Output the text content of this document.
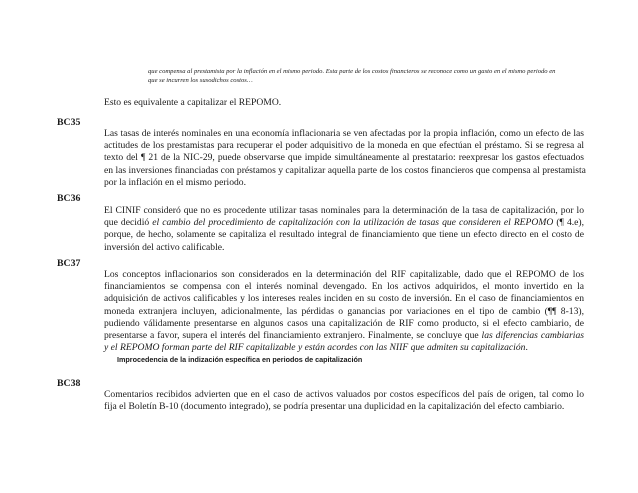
que compensa al prestamista por la inflación en el mismo periodo. Esta parte de los costos financieros se reconoce como un gasto en el mismo periodo en
que se incurren los susodichos costos…
Esto es equivalente a capitalizar el REPOMO.
BC35
Las tasas de interés nominales en una economía inflacionaria se ven afectadas por la propia inflación, como un efecto de las
actitudes de los prestamistas para recuperar el poder adquisitivo de la moneda en que efectúan el préstamo. Si se regresa al
texto del ¶ 21 de la NIC-29, puede observarse que impide simultáneamente al prestatario: reexpresar los gastos efectuados
en las inversiones financiadas con préstamos y capitalizar aquella parte de los costos financieros que compensa al prestamista
por la inflación en el mismo periodo.
BC36
El CINIF consideró que no es procedente utilizar tasas nominales para la determinación de la tasa de capitalización, por lo
que decidió el cambio del procedimiento de capitalización con la utilización de tasas que consideren el REPOMO (¶ 4.e),
porque, de hecho, solamente se capitaliza el resultado integral de financiamiento que tiene un efecto directo en el costo de
inversión del activo calificable.
BC37
Los conceptos inflacionarios son considerados en la determinación del RIF capitalizable, dado que el REPOMO de los
financiamientos se compensa con el interés nominal devengado. En los activos adquiridos, el monto invertido en la
adquisición de activos calificables y los intereses reales inciden en su costo de inversión. En el caso de financiamientos en
moneda extranjera incluyen, adicionalmente, las pérdidas o ganancias por variaciones en el tipo de cambio (¶¶ 8-13),
pudiendo válidamente presentarse en algunos casos una capitalización de RIF como producto, si el efecto cambiario, de
presentarse a favor, supera el interés del financiamiento extranjero. Finalmente, se concluye que las diferencias cambiarias
y el REPOMO forman parte del RIF capitalizable y están acordes con las NIIF que admiten su capitalización.
Improcedencia de la indización específica en periodos de capitalización
BC38
Comentarios recibidos advierten que en el caso de activos valuados por costos específicos del país de origen, tal como lo
fija el Boletín B-10 (documento integrado), se podría presentar una duplicidad en la capitalización del efecto cambiario.
